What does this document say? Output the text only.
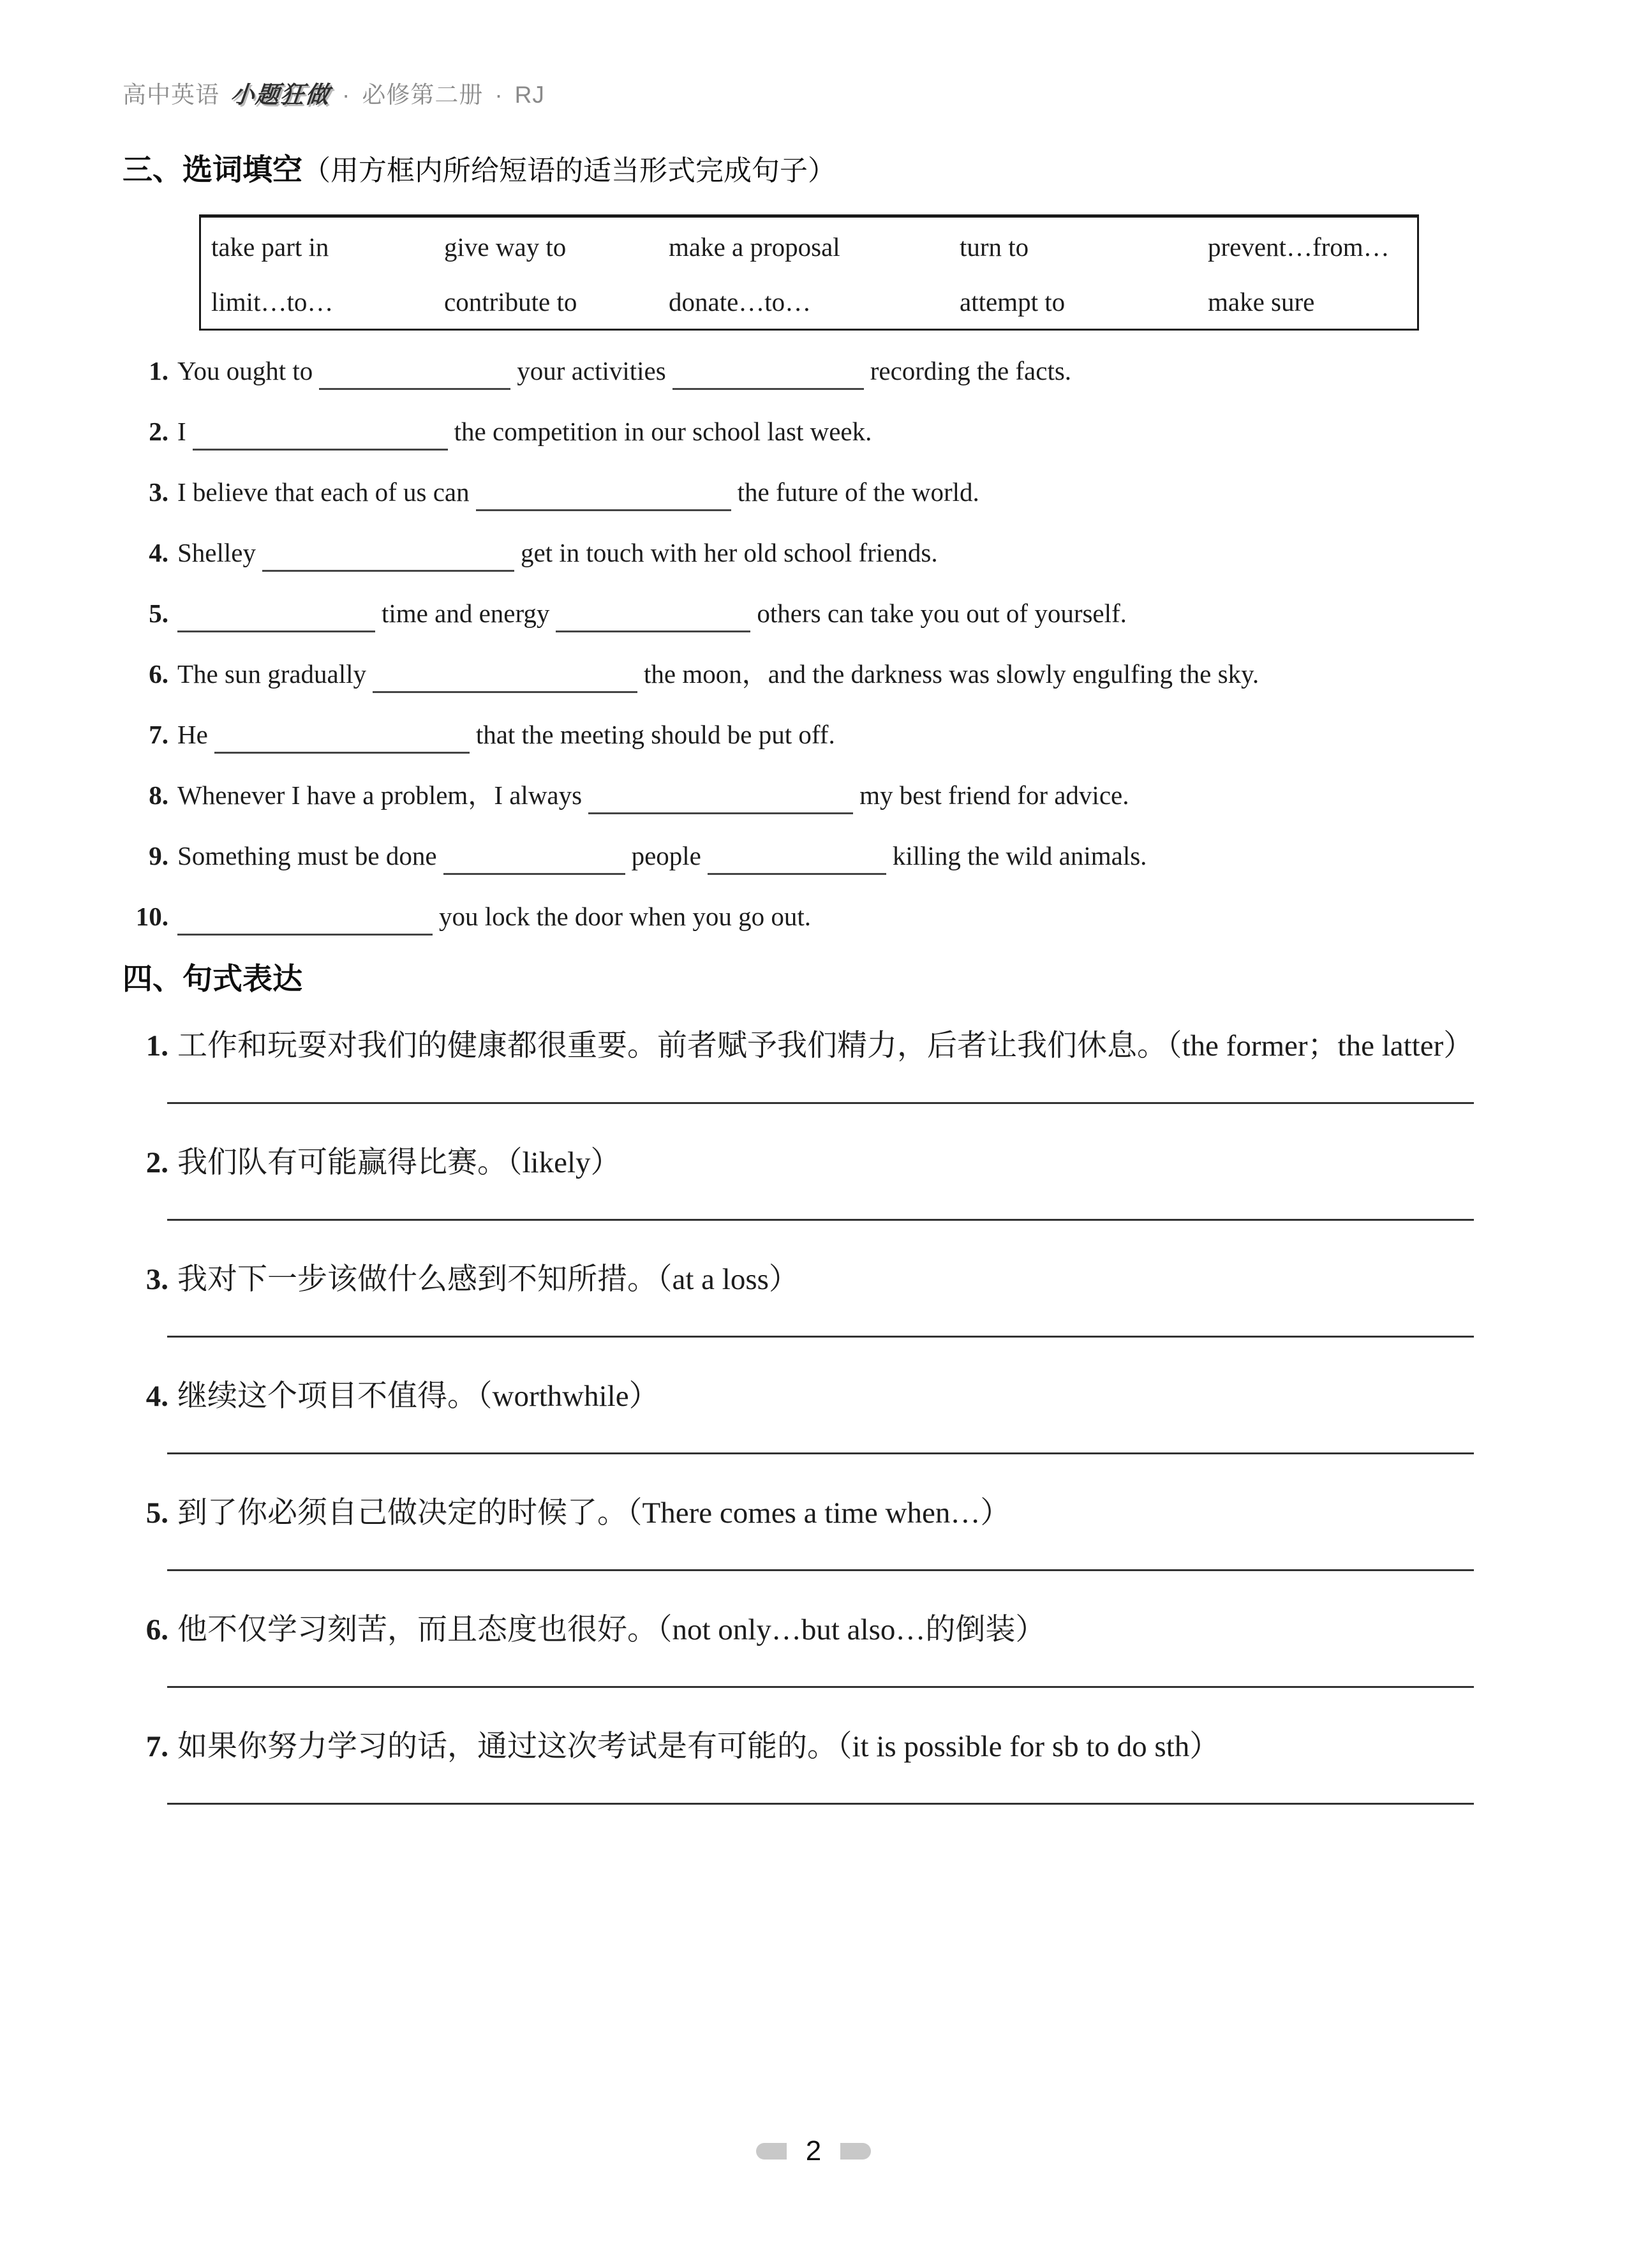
高中英语 小题狂做 · 必修第二册 · RJ
三、选词填空（用方框内所给短语的适当形式完成句子）
take part in	give way to	make a proposal	turn to	prevent…from…
limit…to…	contribute to	donate…to…	attempt to	make sure
1. You ought to	your activities	recording the facts.
2. I	the competition in our school last week.
3. I believe that each of us can	the future of the world.
4. Shelley	get in touch with her old school friends.
5.	time and energy	others can take you out of yourself.
6. The sun gradually	the moon，and the darkness was slowly engulfing the sky.
7. He	that the meeting should be put off.
8. Whenever I have a problem，I always	my best friend for advice.
9. Something must be done	people	killing the wild animals.
10.	you lock the door when you go out.
四、句式表达
1. 工作和玩耍对我们的健康都很重要。前者赋予我们精力，后者让我们休息。（the former；the latter）
2. 我们队有可能赢得比赛。（likely）
3. 我对下一步该做什么感到不知所措。（at a loss）
4. 继续这个项目不值得。（worthwhile）
5. 到了你必须自己做决定的时候了。（There comes a time when…）
6. 他不仅学习刻苦，而且态度也很好。（not only…but also…的倒装）
7. 如果你努力学习的话，通过这次考试是有可能的。（it is possible for sb to do sth）
2
